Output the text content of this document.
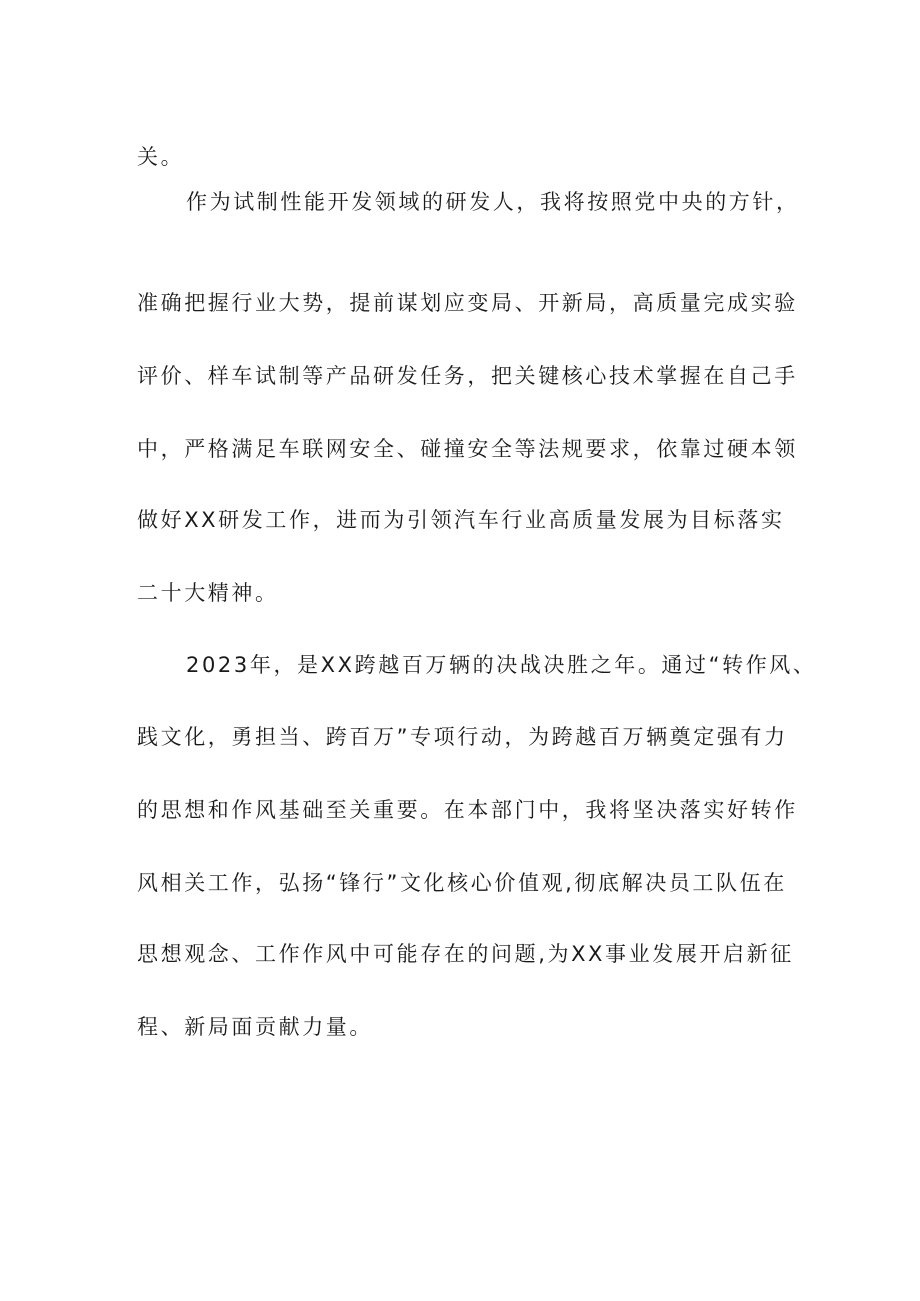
关。
作为试制性能开发领域的研发人，我将按照党中央的方针，
准确把握行业大势，提前谋划应变局、开新局，高质量完成实验
评价、样车试制等产品研发任务，把关键核心技术掌握在自己手
中，严格满足车联网安全、碰撞安全等法规要求，依靠过硬本领
做好XX研发工作，进而为引领汽车行业高质量发展为目标落实
二十大精神。
2023年，是XX跨越百万辆的决战决胜之年。通过“转作风、
践文化，勇担当、跨百万”专项行动，为跨越百万辆奠定强有力
的思想和作风基础至关重要。在本部门中，我将坚决落实好转作
风相关工作，弘扬“锋行”文化核心价值观,彻底解决员工队伍在
思想观念、工作作风中可能存在的问题,为XX事业发展开启新征
程、新局面贡献力量。
